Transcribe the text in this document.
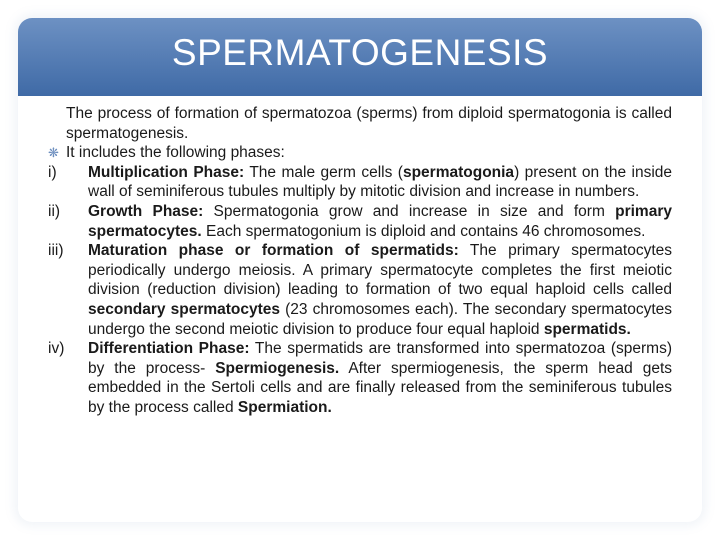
SPERMATOGENESIS
The process of formation of spermatozoa (sperms) from diploid spermatogonia is called spermatogenesis.
❋ It includes the following phases:
i) Multiplication Phase: The male germ cells (spermatogonia) present on the inside wall of seminiferous tubules multiply by mitotic division and increase in numbers.
ii) Growth Phase: Spermatogonia grow and increase in size and form primary spermatocytes. Each spermatogonium is diploid and contains 46 chromosomes.
iii) Maturation phase or formation of spermatids: The primary spermatocytes periodically undergo meiosis. A primary spermatocyte completes the first meiotic division (reduction division) leading to formation of two equal haploid cells called secondary spermatocytes (23 chromosomes each). The secondary spermatocytes undergo the second meiotic division to produce four equal haploid spermatids.
iv) Differentiation Phase: The spermatids are transformed into spermatozoa (sperms) by the process- Spermiogenesis. After spermiogenesis, the sperm head gets embedded in the Sertoli cells and are finally released from the seminiferous tubules by the process called Spermiation.
